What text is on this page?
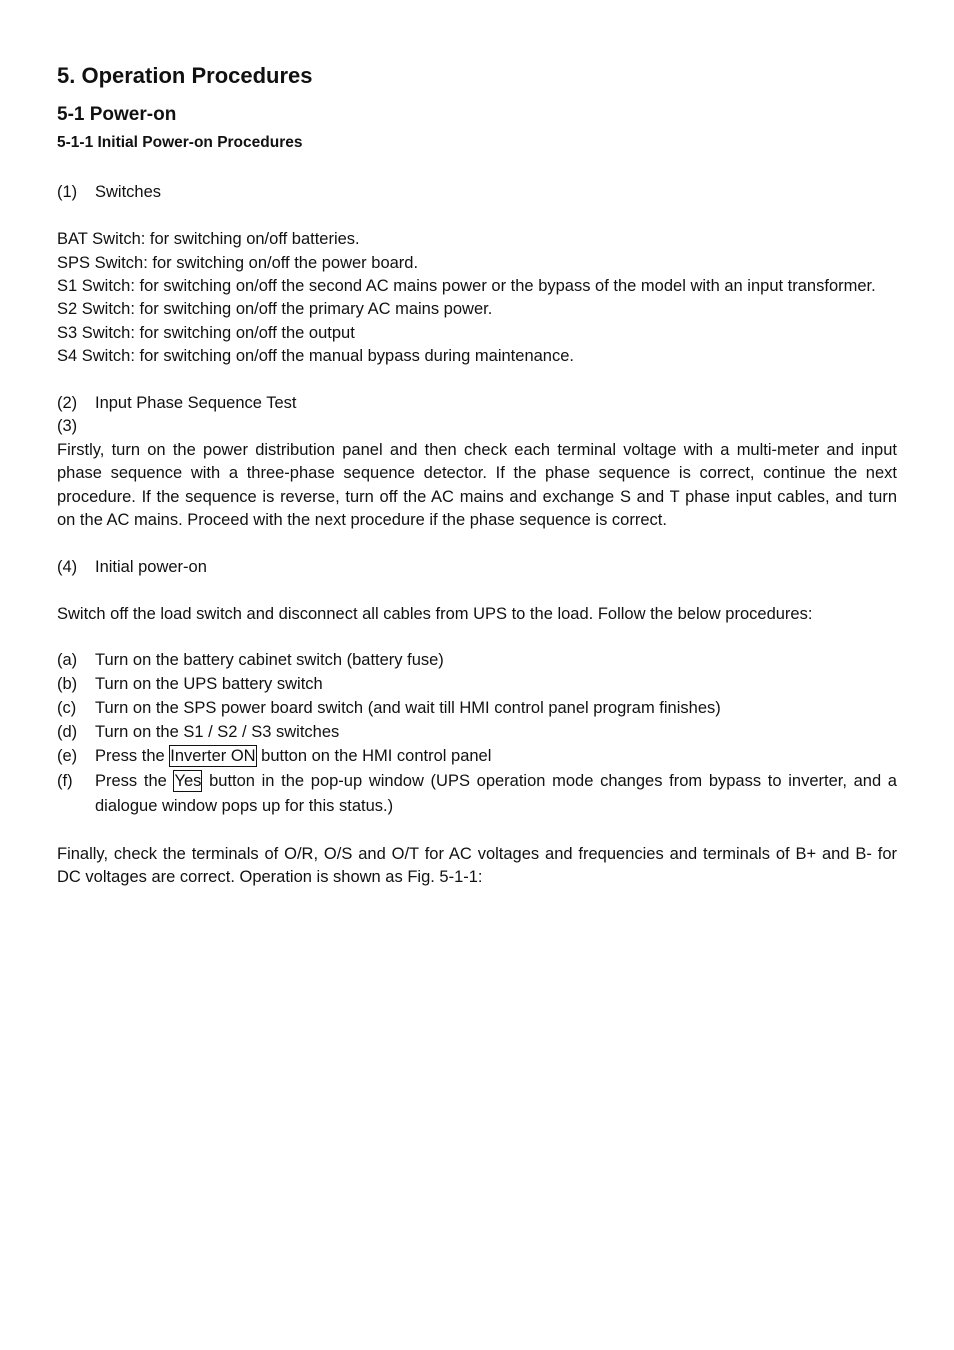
5. Operation Procedures
5-1 Power-on
5-1-1 Initial Power-on Procedures
(1)	Switches

BAT Switch: for switching on/off batteries.

SPS Switch: for switching on/off the power board.

S1 Switch: for switching on/off the second AC mains power or the bypass of the model with an input transformer.

S2 Switch: for switching on/off the primary AC mains power.

S3 Switch: for switching on/off the output

S4 Switch: for switching on/off the manual bypass during maintenance.

(2)	Input Phase Sequence Test
(3)

Firstly, turn on the power distribution panel and then check each terminal voltage with a multi-meter and input phase sequence with a three-phase sequence detector. If the phase sequence is correct, continue the next procedure. If the sequence is reverse, turn off the AC mains and exchange S and T phase input cables, and turn on the AC mains. Proceed with the next procedure if the phase sequence is correct.

(4)	Initial power-on

Switch off the load switch and disconnect all cables from UPS to the load. Follow the below procedures:

(a)	Turn on the battery cabinet switch (battery fuse)
(b)	Turn on the UPS battery switch
(c)	Turn on the SPS power board switch (and wait till HMI control panel program finishes)
(d)	Turn on the S1 / S2 / S3 switches
(e)	Press the Inverter ON button on the HMI control panel
(f)	Press the Yes button in the pop-up window (UPS operation mode changes from bypass to inverter, and a dialogue window pops up for this status.)

Finally, check the terminals of O/R, O/S and O/T for AC voltages and frequencies and terminals of B+ and B- for DC voltages are correct. Operation is shown as Fig. 5-1-1:
